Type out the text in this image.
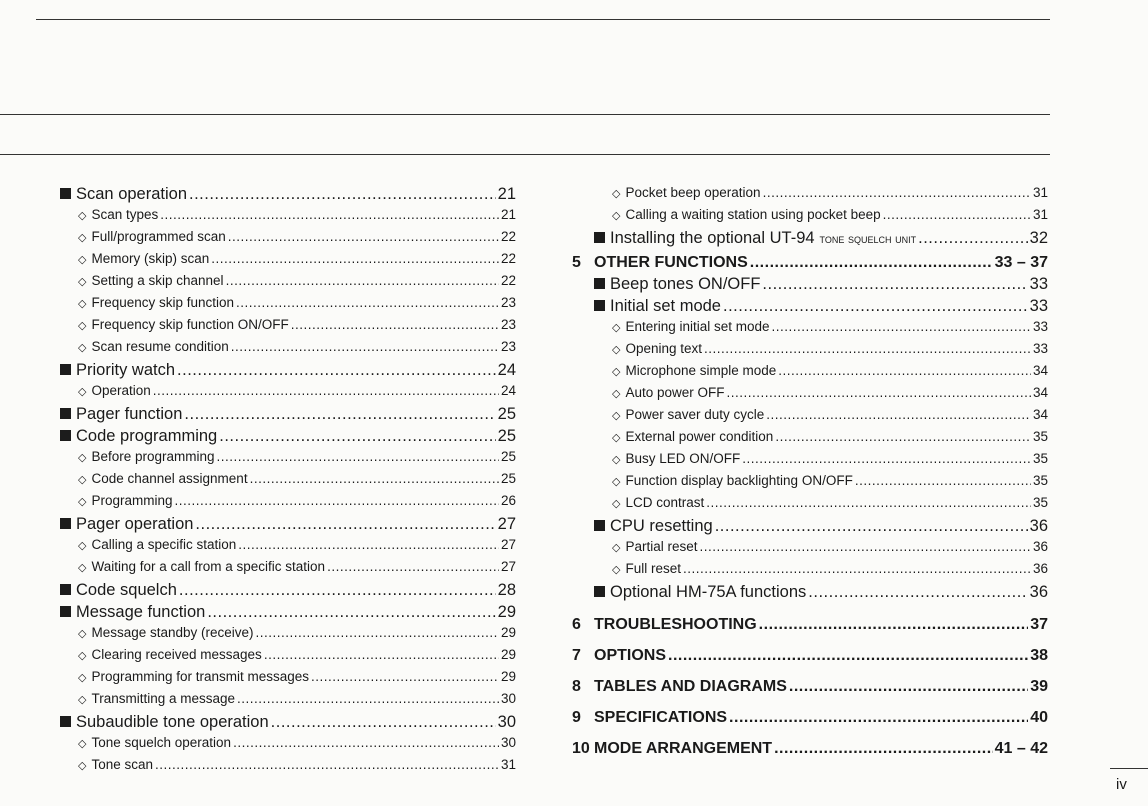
Scan operation .....	21
◇ Scan types .....	21
◇ Full/programmed scan .....	22
◇ Memory (skip) scan .....	22
◇ Setting a skip channel .....	22
◇ Frequency skip function .....	23
◇ Frequency skip function ON/OFF .....	23
◇ Scan resume condition .....	23
Priority watch .....	24
◇ Operation .....	24
Pager function .....	25
Code programming .....	25
◇ Before programming .....	25
◇ Code channel assignment .....	25
◇ Programming .....	26
Pager operation .....	27
◇ Calling a specific station .....	27
◇ Waiting for a call from a specific station .....	27
Code squelch .....	28
Message function .....	29
◇ Message standby (receive) .....	29
◇ Clearing received messages .....	29
◇ Programming for transmit messages .....	29
◇ Transmitting a message .....	30
Subaudible tone operation .....	30
◇ Tone squelch operation .....	30
◇ Tone scan .....	31
◇ Pocket beep operation .....	31
◇ Calling a waiting station using pocket beep .....	31
Installing the optional UT-94 tone squelch unit .....	32
5 OTHER FUNCTIONS .....	33 – 37
Beep tones ON/OFF .....	33
Initial set mode .....	33
◇ Entering initial set mode .....	33
◇ Opening text .....	33
◇ Microphone simple mode .....	34
◇ Auto power OFF .....	34
◇ Power saver duty cycle .....	34
◇ External power condition .....	35
◇ Busy LED ON/OFF .....	35
◇ Function display backlighting ON/OFF .....	35
◇ LCD contrast .....	35
CPU resetting .....	36
◇ Partial reset .....	36
◇ Full reset .....	36
Optional HM-75A functions .....	36
6 TROUBLESHOOTING .....	37
7 OPTIONS .....	38
8 TABLES AND DIAGRAMS .....	39
9 SPECIFICATIONS .....	40
10 MODE ARRANGEMENT .....	41 – 42
iv
